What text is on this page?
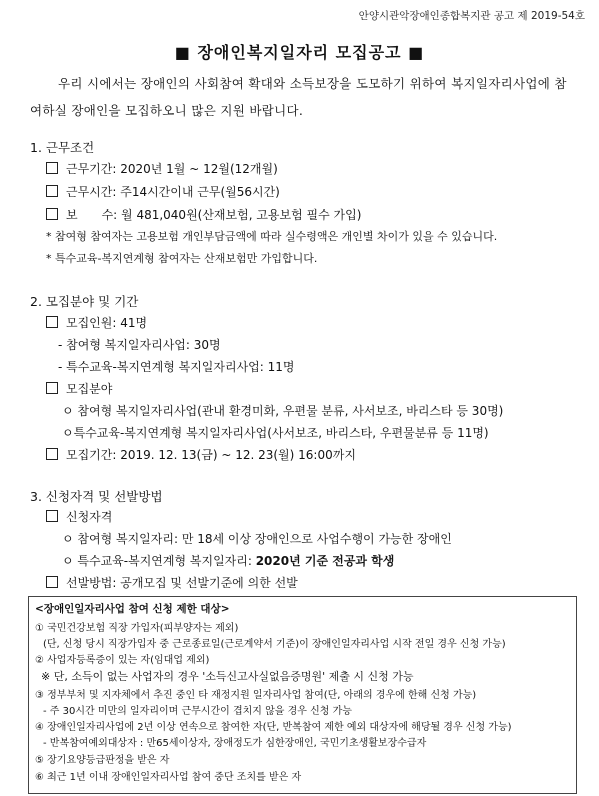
안양시관악장애인종합복지관 공고 제 2019-54호
■ 장애인복지일자리 모집공고 ■
우리 시에서는 장애인의 사회참여 확대와 소득보장을 도모하기 위하여 복지일자리사업에 참여하실 장애인을 모집하오니 많은 지원 바랍니다.
1. 근무조건
근무기간: 2020년 1월 ~ 12월(12개월)
근무시간: 주14시간이내 근무(월56시간)
보　　수: 월 481,040원(산재보험, 고용보험 필수 가입)
* 참여형 참여자는 고용보험 개인부담금액에 따라 실수령액은 개인별 차이가 있을 수 있습니다.
* 특수교육-복지연계형 참여자는 산재보험만 가입합니다.
2. 모집분야 및 기간
모집인원: 41명
- 참여형 복지일자리사업: 30명
- 특수교육-복지연계형 복지일자리사업: 11명
모집분야
ㅇ 참여형 복지일자리사업(관내 환경미화, 우편물 분류, 사서보조, 바리스타 등 30명)
ㅇ특수교육-복지연계형 복지일자리사업(사서보조, 바리스타, 우편물분류 등 11명)
모집기간: 2019. 12. 13(금) ~ 12. 23(월) 16:00까지
3. 신청자격 및 선발방법
신청자격
ㅇ 참여형 복지일자리: 만 18세 이상 장애인으로 사업수행이 가능한 장애인
ㅇ 특수교육-복지연계형 복지일자리: 2020년 기준 전공과 학생
선발방법: 공개모집 및 선발기준에 의한 선발
<장애인일자리사업 참여 신청 제한 대상>
① 국민건강보험 직장 가입자(피부양자는 제외)
(단, 신청 당시 직장가입자 중 근로종료일(근로계약서 기준)이 장애인일자리사업 시작 전일 경우 신청 가능)
② 사업자등록증이 있는 자(임대업 제외)
※ 단, 소득이 없는 사업자의 경우 '소득신고사실없음증명원' 제출 시 신청 가능
③ 정부부처 및 지자체에서 추진 중인 타 재정지원 일자리사업 참여(단, 아래의 경우에 한해 신청 가능)
- 주 30시간 미만의 일자리이며 근무시간이 겹치지 않을 경우 신청 가능
④ 장애인일자리사업에 2년 이상 연속으로 참여한 자(단, 반복참여 제한 예외 대상자에 해당될 경우 신청 가능)
- 반복참여예외대상자 : 만65세이상자, 장애정도가 심한장애인, 국민기초생활보장수급자
⑤ 장기요양등급판정을 받은 자
⑥ 최근 1년 이내 장애인일자리사업 참여 중단 조치를 받은 자
